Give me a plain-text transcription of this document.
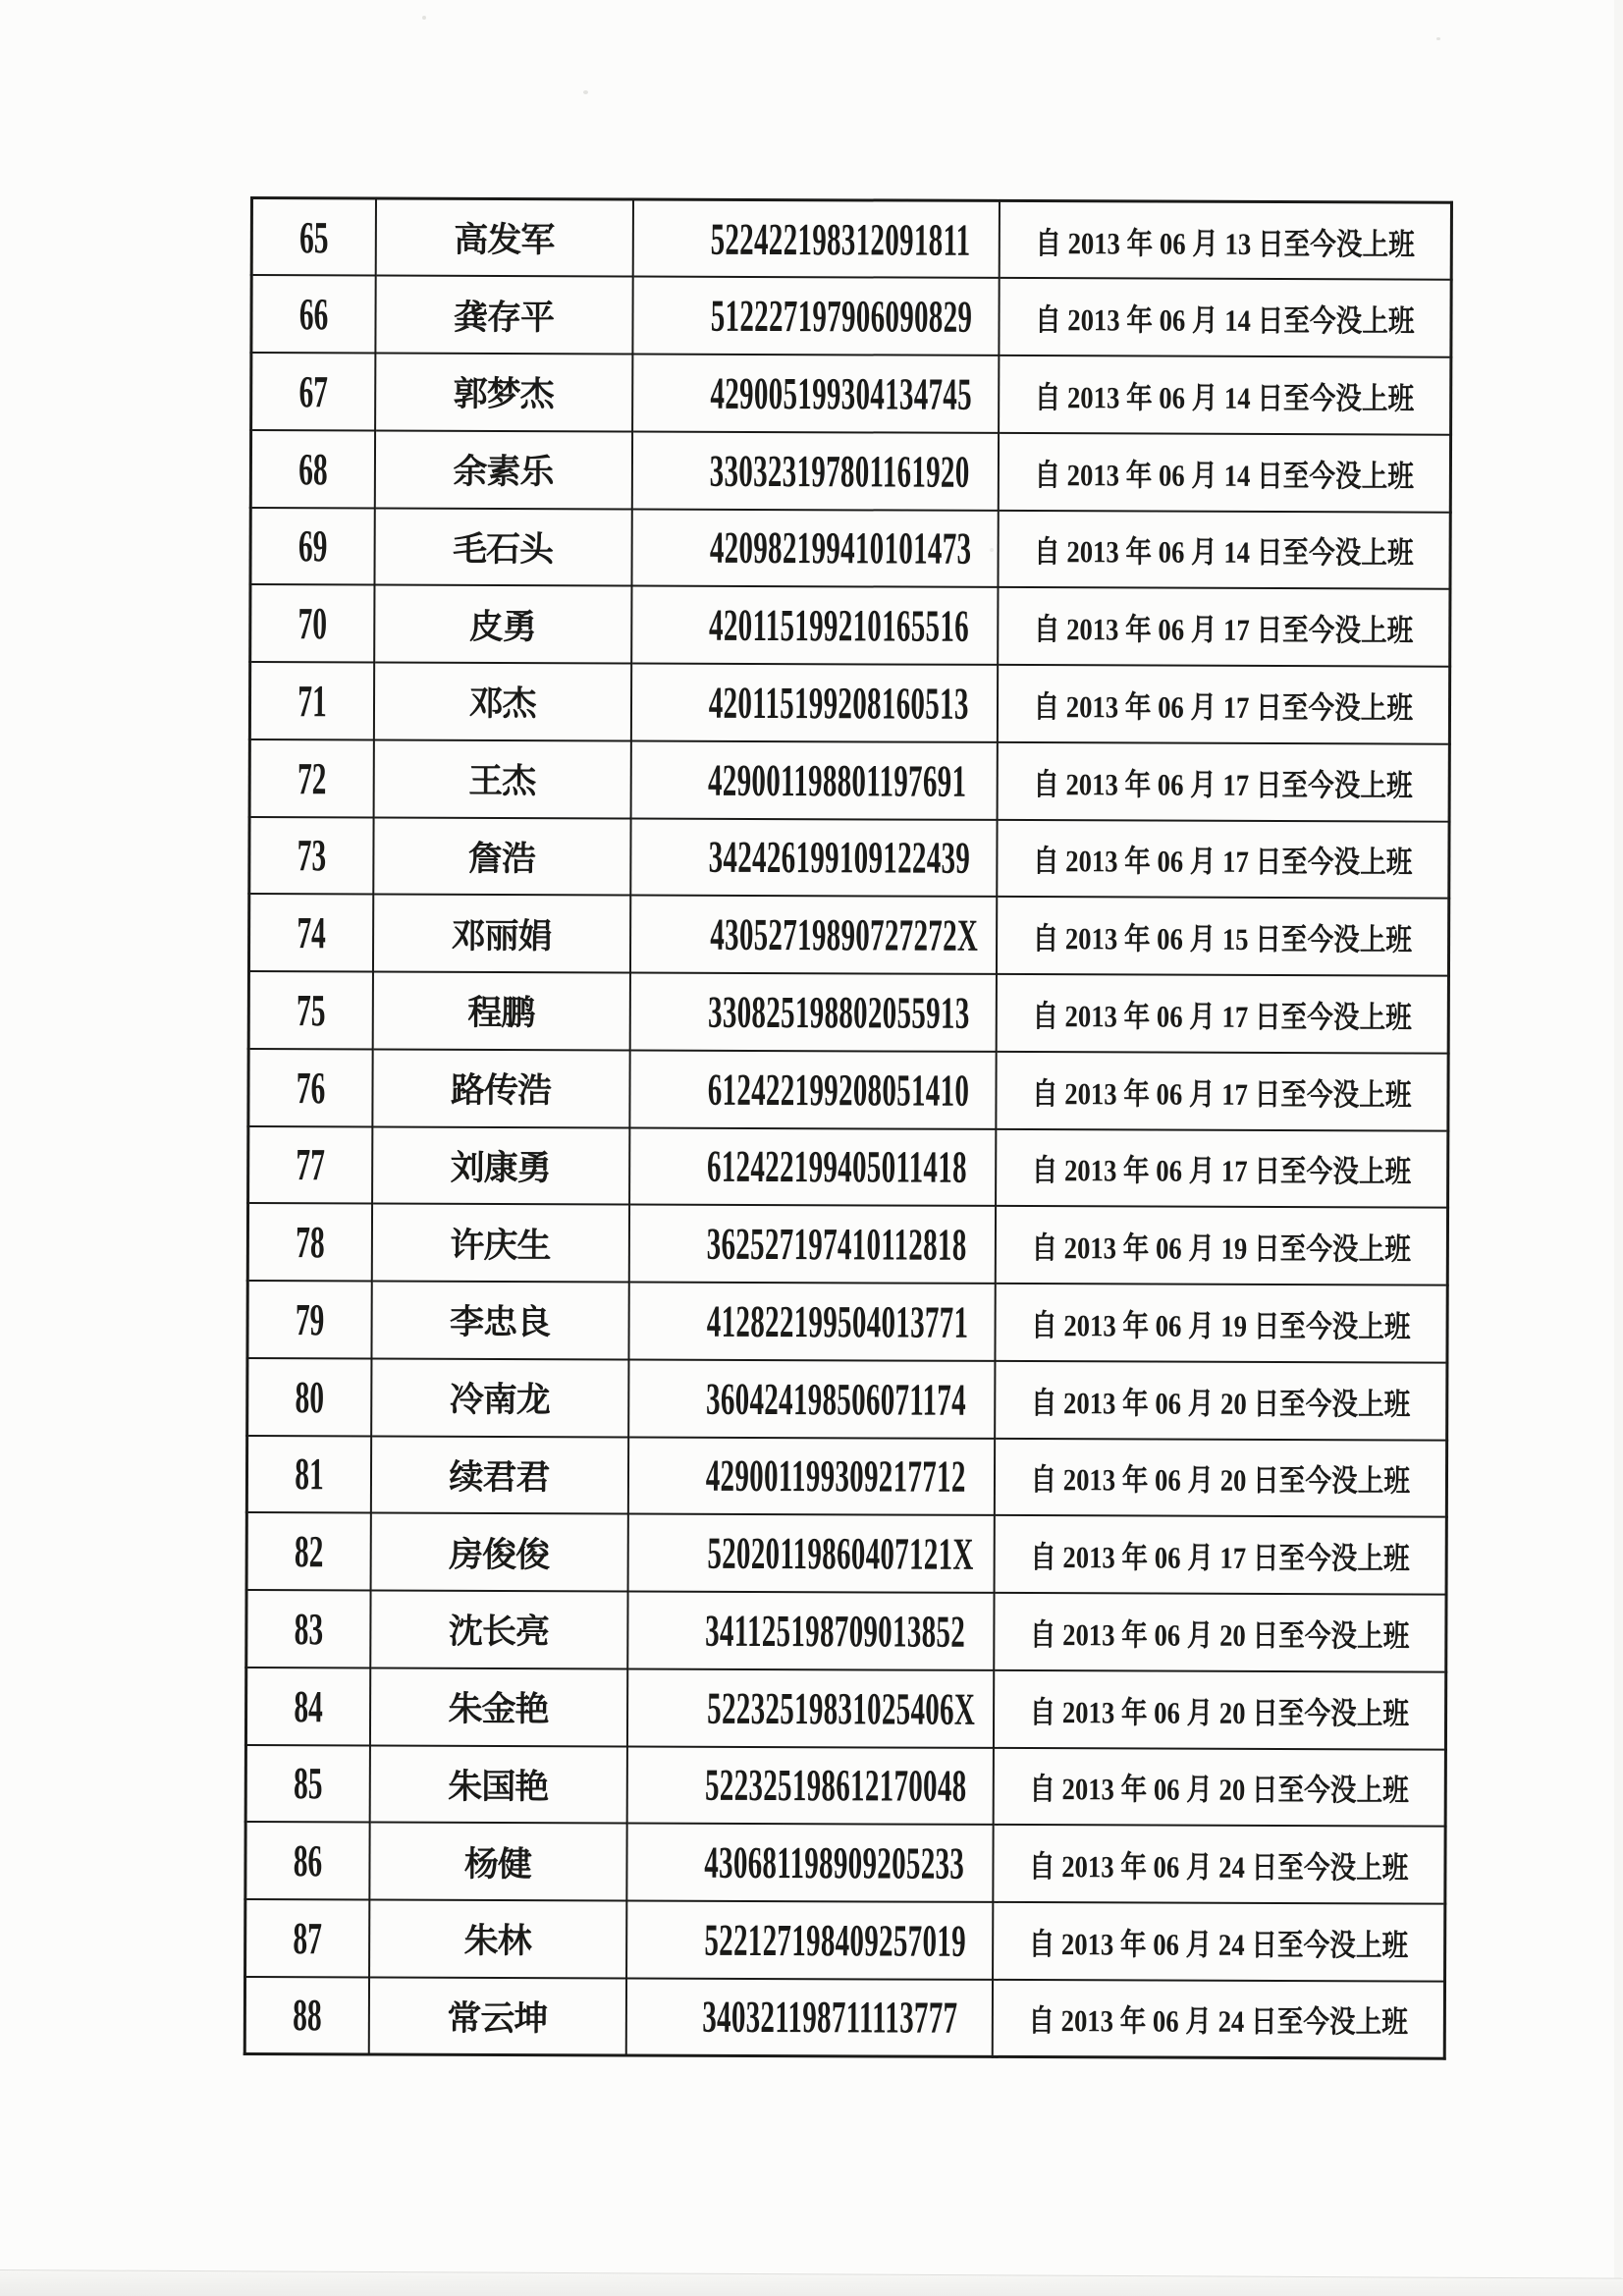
65	高发军	522422198312091811	自 2013 年 06 月 13 日至今没上班
66	龚存平	512227197906090829	自 2013 年 06 月 14 日至今没上班
67	郭梦杰	429005199304134745	自 2013 年 06 月 14 日至今没上班
68	余素乐	330323197801161920	自 2013 年 06 月 14 日至今没上班
69	毛石头	420982199410101473	自 2013 年 06 月 14 日至今没上班
70	皮勇	420115199210165516	自 2013 年 06 月 17 日至今没上班
71	邓杰	420115199208160513	自 2013 年 06 月 17 日至今没上班
72	王杰	429001198801197691	自 2013 年 06 月 17 日至今没上班
73	詹浩	342426199109122439	自 2013 年 06 月 17 日至今没上班
74	邓丽娟	43052719890727272X	自 2013 年 06 月 15 日至今没上班
75	程鹏	330825198802055913	自 2013 年 06 月 17 日至今没上班
76	路传浩	612422199208051410	自 2013 年 06 月 17 日至今没上班
77	刘康勇	612422199405011418	自 2013 年 06 月 17 日至今没上班
78	许庆生	362527197410112818	自 2013 年 06 月 19 日至今没上班
79	李忠良	412822199504013771	自 2013 年 06 月 19 日至今没上班
80	冷南龙	360424198506071174	自 2013 年 06 月 20 日至今没上班
81	续君君	429001199309217712	自 2013 年 06 月 20 日至今没上班
82	房俊俊	52020119860407121X	自 2013 年 06 月 17 日至今没上班
83	沈长亮	341125198709013852	自 2013 年 06 月 20 日至今没上班
84	朱金艳	52232519831025406X	自 2013 年 06 月 20 日至今没上班
85	朱国艳	522325198612170048	自 2013 年 06 月 20 日至今没上班
86	杨健	430681198909205233	自 2013 年 06 月 24 日至今没上班
87	朱林	522127198409257019	自 2013 年 06 月 24 日至今没上班
88	常云坤	340321198711113777	自 2013 年 06 月 24 日至今没上班
